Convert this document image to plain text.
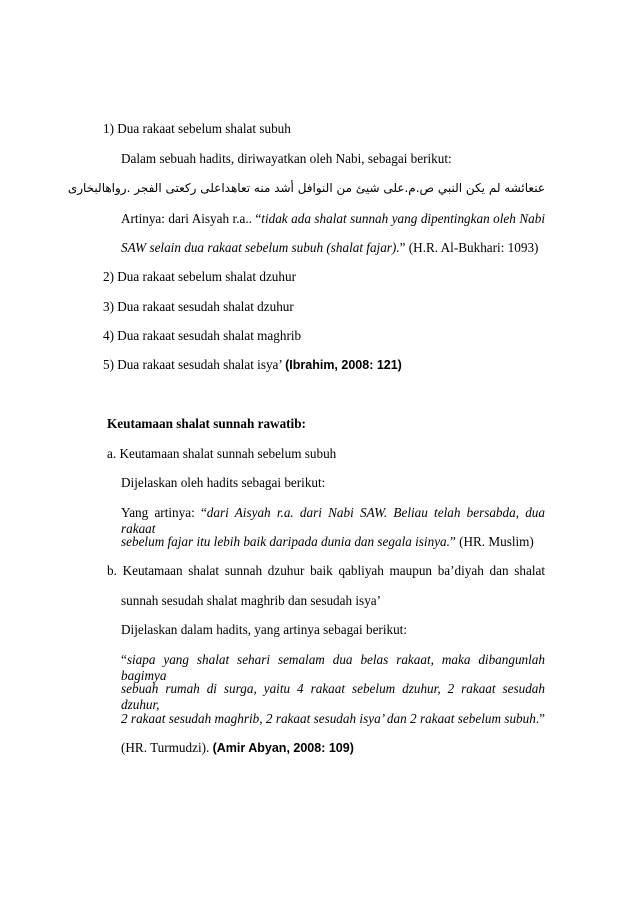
1) Dua rakaat sebelum shalat subuh
Dalam sebuah hadits, diriwayatkan oleh Nabi, sebagai berikut:
عنعائشه لم يكن النبي ص.م.على شيئ من النوافل أشد منه تعاهداعلى ركعتى الفجر .رواهالبخارى
Artinya: dari Aisyah r.a.. “tidak ada shalat sunnah yang dipentingkan oleh Nabi
SAW selain dua rakaat sebelum subuh (shalat fajar).” (H.R. Al-Bukhari: 1093)
2) Dua rakaat sebelum shalat dzuhur
3) Dua rakaat sesudah shalat dzuhur
4) Dua rakaat sesudah shalat maghrib
5) Dua rakaat sesudah shalat isya’ (Ibrahim, 2008: 121)
Keutamaan shalat sunnah rawatib:
a. Keutamaan shalat sunnah sebelum subuh
Dijelaskan oleh hadits sebagai berikut:
Yang artinya: “dari Aisyah r.a. dari Nabi SAW. Beliau telah bersabda, dua rakaat
sebelum fajar itu lebih baik daripada dunia dan segala isinya.” (HR. Muslim)
b. Keutamaan shalat sunnah dzuhur baik qabliyah maupun ba’diyah dan shalat
sunnah sesudah shalat maghrib dan sesudah isya’
Dijelaskan dalam hadits, yang artinya sebagai berikut:
“siapa yang shalat sehari semalam dua belas rakaat, maka dibangunlah bagimya
sebuah rumah di surga, yaitu 4 rakaat sebelum dzuhur, 2 rakaat sesudah dzuhur,
2 rakaat sesudah maghrib, 2 rakaat sesudah isya’ dan 2 rakaat sebelum subuh.”
(HR. Turmudzi). (Amir Abyan, 2008: 109)
